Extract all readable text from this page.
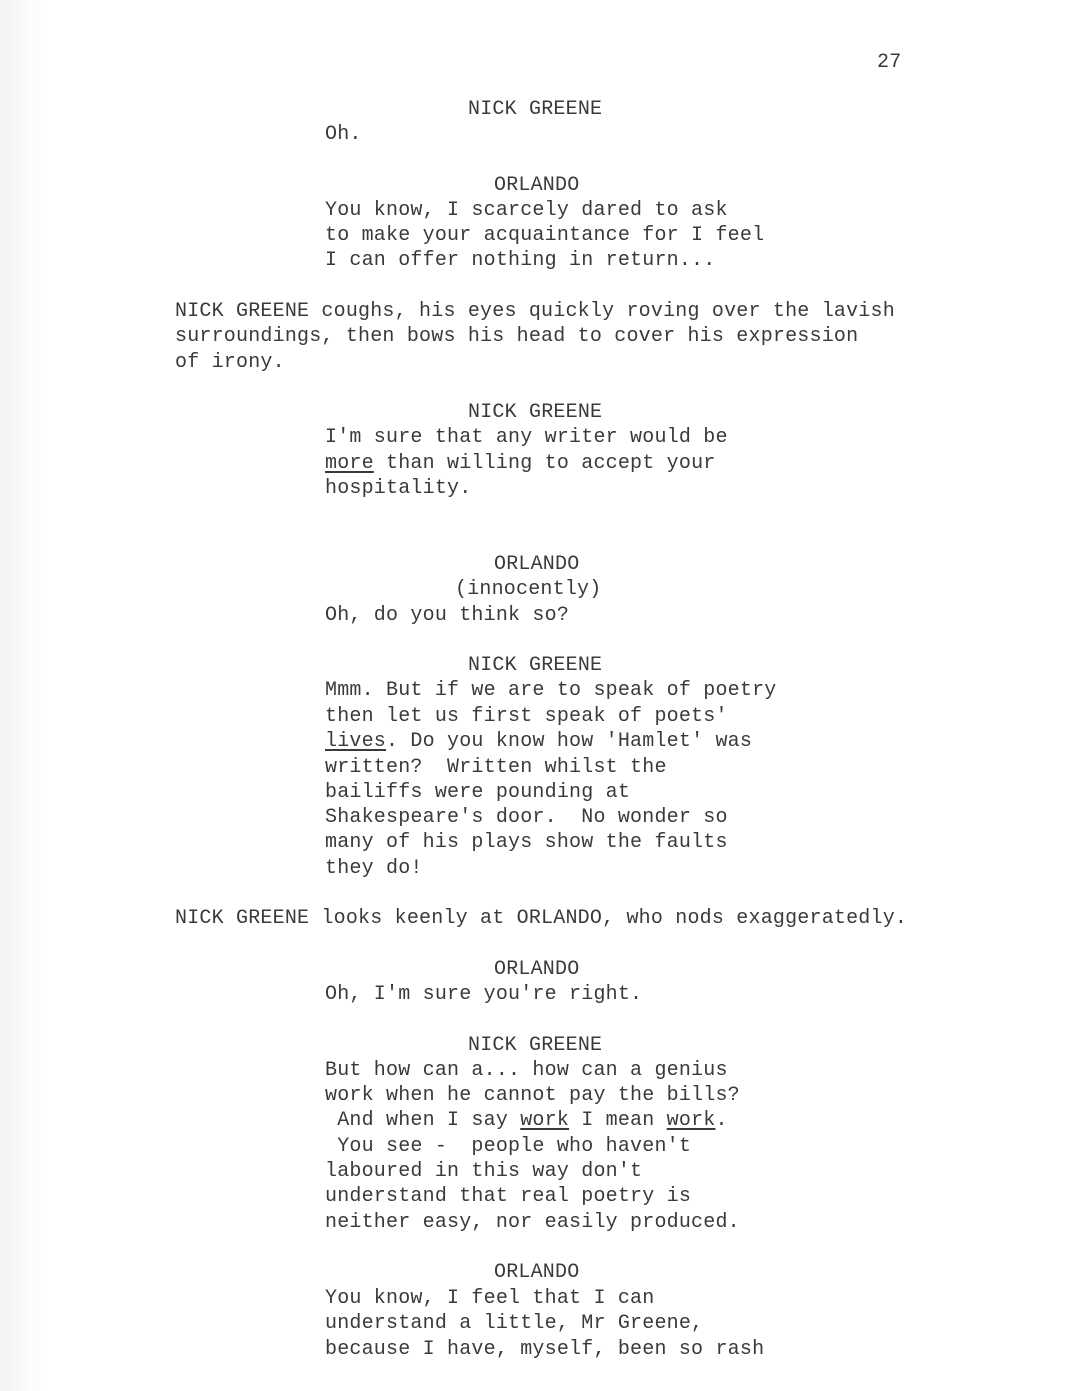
27
NICK GREENE
Oh.
ORLANDO
You know, I scarcely dared to ask
to make your acquaintance for I feel
I can offer nothing in return...
NICK GREENE coughs, his eyes quickly roving over the lavish
surroundings, then bows his head to cover his expression
of irony.
NICK GREENE
I'm sure that any writer would be
more than willing to accept your
hospitality.
ORLANDO
(innocently)
Oh, do you think so?
NICK GREENE
Mmm. But if we are to speak of poetry
then let us first speak of poets'
lives. Do you know how 'Hamlet' was
written?  Written whilst the
bailiffs were pounding at
Shakespeare's door.  No wonder so
many of his plays show the faults
they do!
NICK GREENE looks keenly at ORLANDO, who nods exaggeratedly.
ORLANDO
Oh, I'm sure you're right.
NICK GREENE
But how can a... how can a genius
work when he cannot pay the bills?
And when I say work I mean work.
You see -  people who haven't
laboured in this way don't
understand that real poetry is
neither easy, nor easily produced.
ORLANDO
You know, I feel that I can
understand a little, Mr Greene,
because I have, myself, been so rash
